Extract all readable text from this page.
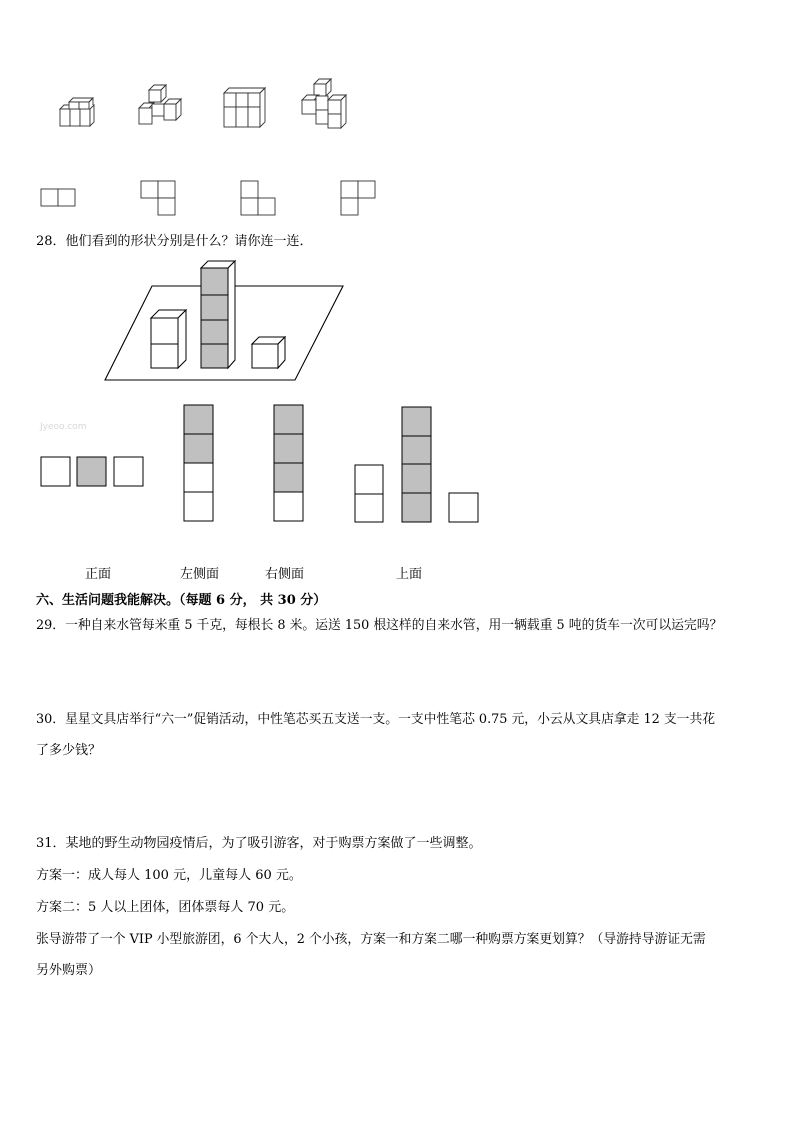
28．他们看到的形状分别是什么？请你连一连．
Jyeoo.com
正面	左侧面	右侧面	上面
六、生活问题我能解决。（每题 6 分， 共 30 分）
29．一种自来水管每米重 5 千克，每根长 8 米。运送 150 根这样的自来水管，用一辆载重 5 吨的货车一次可以运完吗？
30．星星文具店举行“六一”促销活动，中性笔芯买五支送一支。一支中性笔芯 0.75 元，小云从文具店拿走 12 支一共花
了多少钱？
31．某地的野生动物园疫情后，为了吸引游客，对于购票方案做了一些调整。
方案一：成人每人 100 元，儿童每人 60 元。
方案二：5 人以上团体，团体票每人 70 元。
张导游带了一个 VIP 小型旅游团，6 个大人，2 个小孩，方案一和方案二哪一种购票方案更划算？（导游持导游证无需
另外购票）
